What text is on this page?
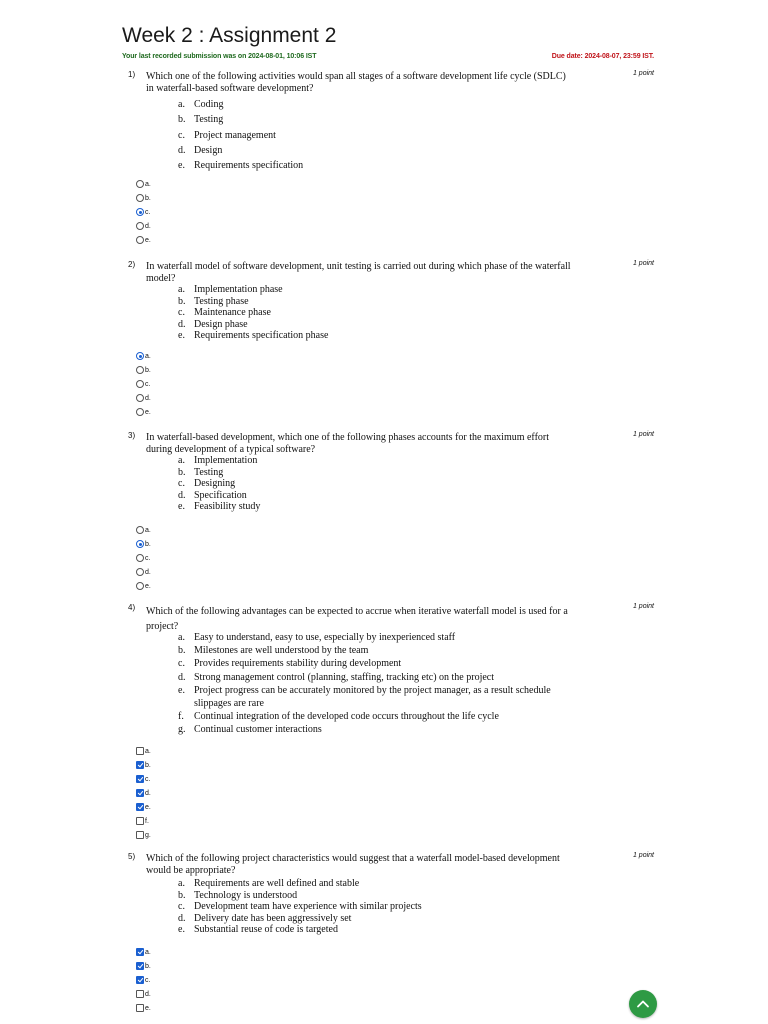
Week 2 : Assignment 2
Your last recorded submission was on 2024-08-01, 10:06 IST	Due date: 2024-08-07, 23:59 IST.
1)	1 point
Which one of the following activities would span all stages of a software development life cycle (SDLC) in waterfall-based software development?
a. Coding
b. Testing
c. Project management
d. Design
e. Requirements specification
a.
b.
c.
d.
e.
2)	1 point
In waterfall model of software development, unit testing is carried out during which phase of the waterfall model?
a. Implementation phase
b. Testing phase
c. Maintenance phase
d. Design phase
e. Requirements specification phase
a.
b.
c.
d.
e.
3)	1 point
In waterfall-based development, which one of the following phases accounts for the maximum effort during development of a typical software?
a. Implementation
b. Testing
c. Designing
d. Specification
e. Feasibility study
a.
b.
c.
d.
e.
4)	1 point
Which of the following advantages can be expected to accrue when iterative waterfall model is used for a project?
a. Easy to understand, easy to use, especially by inexperienced staff
b. Milestones are well understood by the team
c. Provides requirements stability during development
d. Strong management control (planning, staffing, tracking etc) on the project
e. Project progress can be accurately monitored by the project manager, as a result schedule slippages are rare
f. Continual integration of the developed code occurs throughout the life cycle
g. Continual customer interactions
a.
b.
c.
d.
e.
f.
g.
5)	1 point
Which of the following project characteristics would suggest that a waterfall model-based development would be appropriate?
a. Requirements are well defined and stable
b. Technology is understood
c. Development team have experience with similar projects
d. Delivery date has been aggressively set
e. Substantial reuse of code is targeted
a.
b.
c.
d.
e.
